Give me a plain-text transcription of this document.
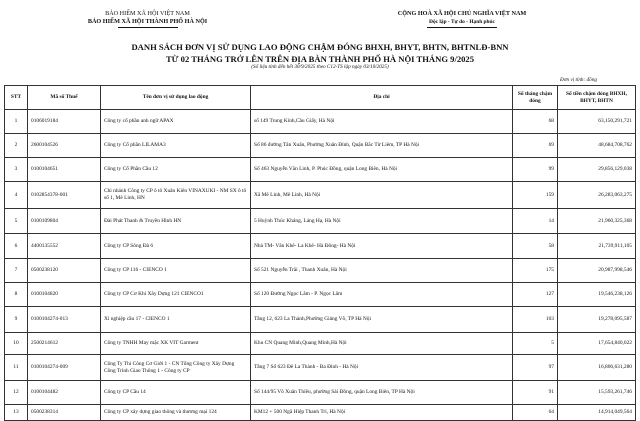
BẢO HIỂM XÃ HỘI VIỆT NAM
BẢO HIỂM XÃ HỘI THÀNH PHỐ HÀ NỘI
CỘNG HOÀ XÃ HỘI CHỦ NGHĨA VIỆT NAM
Độc lập - Tự do - Hạnh phúc
DANH SÁCH ĐƠN VỊ SỬ DỤNG LAO ĐỘNG CHẬM ĐÓNG BHXH, BHYT, BHTN, BHTNLĐ-BNN
TỪ 02 THÁNG TRỞ LÊN TRÊN ĐỊA BÀN THÀNH PHỐ HÀ NỘI THÁNG 9/2025
(Số liệu tính đến hết 30/9/2025 theo C12-TS lập ngày 03/10/2025)
Đơn vị tính: đồng
STT	Mã số Thuế	Tên đơn vị sử dụng lao động	Địa chỉ	Số tháng chậm đóng	Số tiền chậm đóng BHXH, BHYT, BHTN
1	0106019184	Công ty cổ phần anh ngữ APAX	số 149 Trung Kính,Cầu Giấy, Hà Nội	68	63,150,291,721
2	2600104526	Công ty Cổ phần LILAMA3	Số 86 đường Tân Xuân, Phường Xuân Đỉnh, Quận Bắc Từ Liêm, TP Hà Nội	69	48,684,708,762
3	0100104651	Công ty Cổ Phần Cầu 12	Số 463 Nguyễn Văn Linh, P. Phúc Đồng, quận Long Biên, Hà Nội	99	29,856,129,038
4	0102854378-001	Chi nhánh Công ty CP ô tô Xuân Kiên VINAXUKI - NM SX ô tô số 1, Mê Linh, HN	Xã Mê Linh, Mê Linh, Hà Nội	159	26,283,063,275
5	0100109804	Đài Phát Thanh & Truyền Hình HN	5 Huỳnh Thúc Kháng, Láng Hạ, Hà Nội	14	21,960,325,368
6	4400135552	Công ty CP Sông Đà 6	Nhà TM- Văn Khê- La Khê- Hà Đông- Hà Nội	58	21,739,911,105
7	0500238120	Công ty CP 116 - CIENCO 1	Số 521 Nguyễn Trãi , Thanh Xuân, Hà Nội	175	20,987,998,546
8	0100104820	Công ty CP Cơ Khí Xây Dựng 121 CIENCO1	Số 120 Đường Ngọc Lâm - P. Ngọc Lâm	127	19,546,238,126
9	0100104274-013	Xí nghiệp cầu 17 - CIENCO 1	Tầng 12, 623 La Thành,Phường Giảng Võ, TP Hà Nội	103	19,278,095,587
10	2500214612	Công ty TNHH May mặc XK VIT Garment	Khu CN Quang Minh,Quang Minh,Hà Nội	5	17,654,840,022
11	0100104274-009	Công Ty Thi Công Cơ Giới 1 - CN Tổng Công ty Xây Dựng Công Trình Giao Thông 1 - Công ty CP	Tầng 7 Số 623 Đê La Thành - Ba Đình - Hà Nội	97	16,806,631,280
12	0100104482	Công ty CP Cầu 14	Số 144/95 Võ Xuân Thiều, phường Sài Đồng, quận Long Biên, TP Hà Nội	91	15,593,261,746
13	0500238314	Công ty CP xây dựng giao thông và thương mại 124	KM12 + 500 Ngã Hiệp Thanh Trì, Hà Nội	64	14,914,049,564
